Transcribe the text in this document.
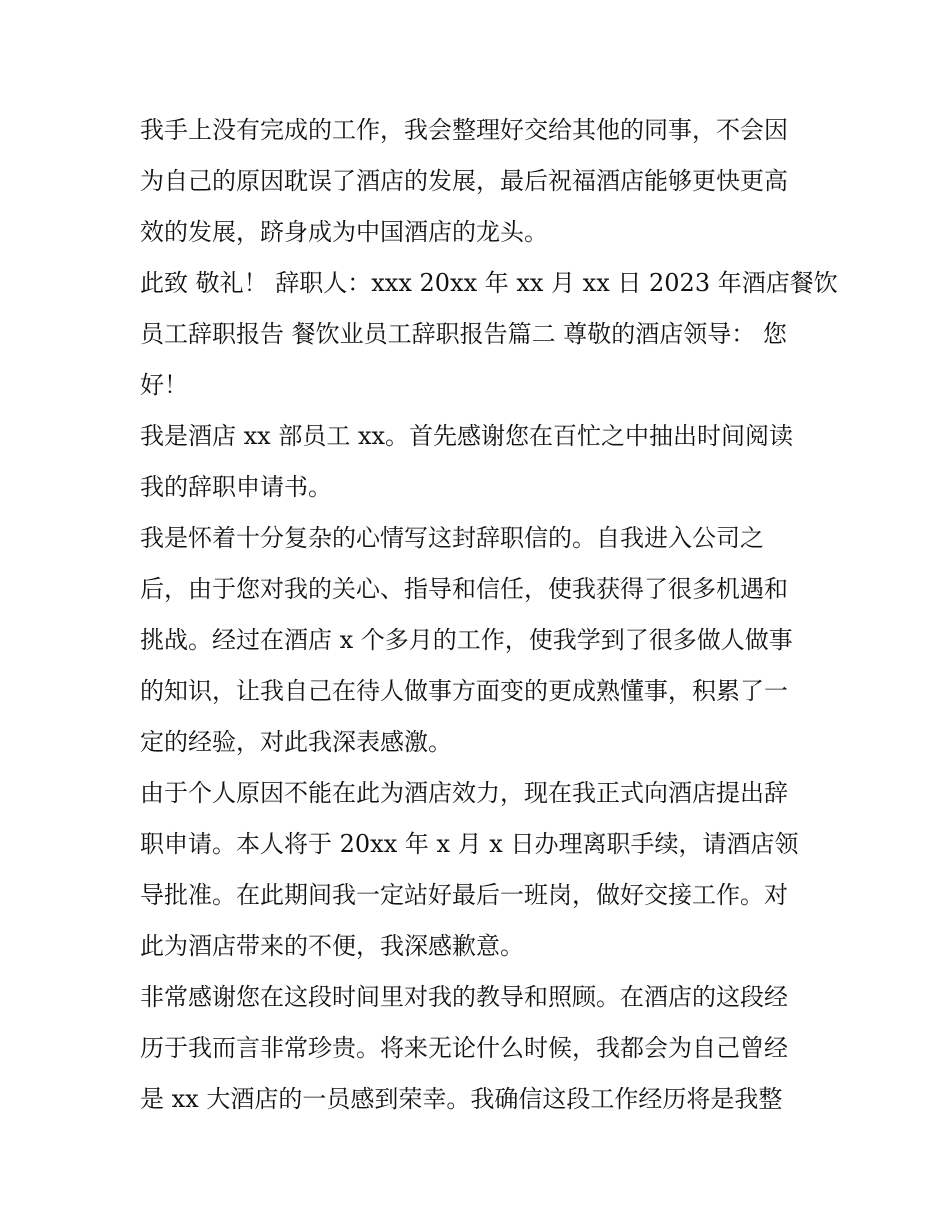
我手上没有完成的工作，我会整理好交给其他的同事，不会因
为自己的原因耽误了酒店的发展，最后祝福酒店能够更快更高
效的发展，跻身成为中国酒店的龙头。
此致 敬礼！ 辞职人：xxx 20xx 年 xx 月 xx 日 2023 年酒店餐饮
员工辞职报告 餐饮业员工辞职报告篇二 尊敬的酒店领导： 您
好！
我是酒店 xx 部员工 xx。首先感谢您在百忙之中抽出时间阅读
我的辞职申请书。
我是怀着十分复杂的心情写这封辞职信的。自我进入公司之
后，由于您对我的关心、指导和信任，使我获得了很多机遇和
挑战。经过在酒店 x 个多月的工作，使我学到了很多做人做事
的知识，让我自己在待人做事方面变的更成熟懂事，积累了一
定的经验，对此我深表感激。
由于个人原因不能在此为酒店效力，现在我正式向酒店提出辞
职申请。本人将于 20xx 年 x 月 x 日办理离职手续，请酒店领
导批准。在此期间我一定站好最后一班岗，做好交接工作。对
此为酒店带来的不便，我深感歉意。
非常感谢您在这段时间里对我的教导和照顾。在酒店的这段经
历于我而言非常珍贵。将来无论什么时候，我都会为自己曾经
是 xx 大酒店的一员感到荣幸。我确信这段工作经历将是我整
